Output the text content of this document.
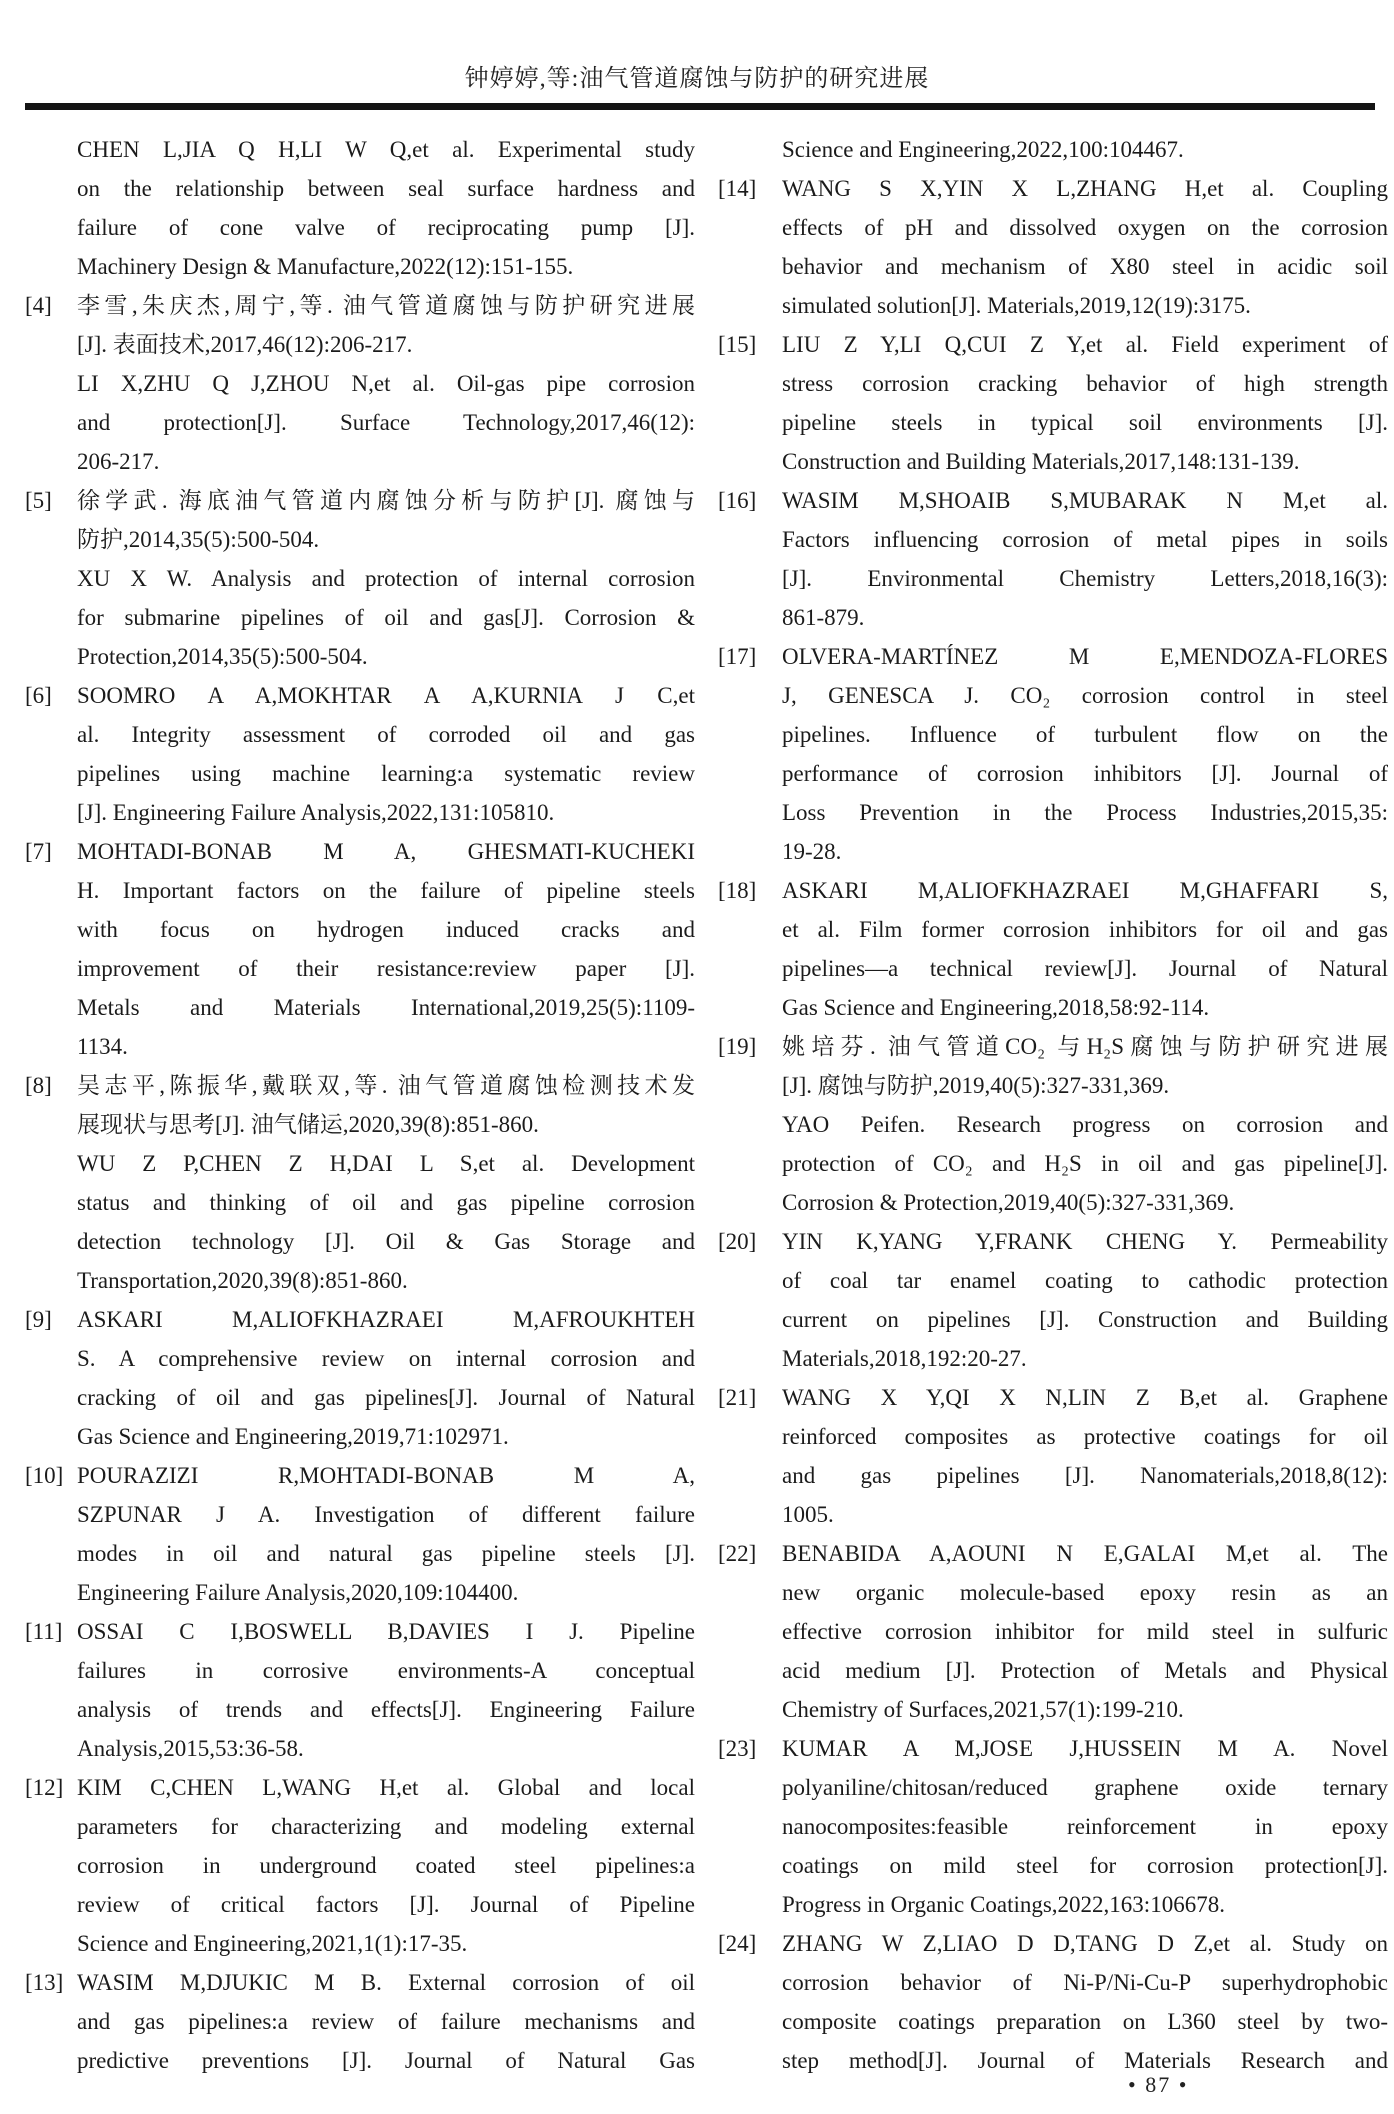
钟婷婷,等:油气管道腐蚀与防护的研究进展
CHEN L,JIA Q H,LI W Q,et al. Experimental study
on the relationship between seal surface hardness and
failure of cone valve of reciprocating pump [J].
Machinery Design & Manufacture,2022(12):151-155.
[4] 李雪,朱庆杰,周宁,等. 油气管道腐蚀与防护研究进展
[J]. 表面技术,2017,46(12):206-217.
LI X,ZHU Q J,ZHOU N,et al. Oil-gas pipe corrosion
and protection[J]. Surface Technology,2017,46(12):
206-217.
[5] 徐学武. 海底油气管道内腐蚀分析与防护[J]. 腐蚀与
防护,2014,35(5):500-504.
XU X W. Analysis and protection of internal corrosion
for submarine pipelines of oil and gas[J]. Corrosion &
Protection,2014,35(5):500-504.
[6] SOOMRO A A,MOKHTAR A A,KURNIA J C,et
al. Integrity assessment of corroded oil and gas
pipelines using machine learning:a systematic review
[J]. Engineering Failure Analysis,2022,131:105810.
[7] MOHTADI-BONAB M A, GHESMATI-KUCHEKI
H. Important factors on the failure of pipeline steels
with focus on hydrogen induced cracks and
improvement of their resistance:review paper [J].
Metals and Materials International,2019,25(5):1109-
1134.
[8] 吴志平,陈振华,戴联双,等. 油气管道腐蚀检测技术发
展现状与思考[J]. 油气储运,2020,39(8):851-860.
WU Z P,CHEN Z H,DAI L S,et al. Development
status and thinking of oil and gas pipeline corrosion
detection technology [J]. Oil & Gas Storage and
Transportation,2020,39(8):851-860.
[9] ASKARI M,ALIOFKHAZRAEI M,AFROUKHTEH
S. A comprehensive review on internal corrosion and
cracking of oil and gas pipelines[J]. Journal of Natural
Gas Science and Engineering,2019,71:102971.
[10] POURAZIZI R,MOHTADI-BONAB M A,
SZPUNAR J A. Investigation of different failure
modes in oil and natural gas pipeline steels [J].
Engineering Failure Analysis,2020,109:104400.
[11] OSSAI C I,BOSWELL B,DAVIES I J. Pipeline
failures in corrosive environments-A conceptual
analysis of trends and effects[J]. Engineering Failure
Analysis,2015,53:36-58.
[12] KIM C,CHEN L,WANG H,et al. Global and local
parameters for characterizing and modeling external
corrosion in underground coated steel pipelines:a
review of critical factors [J]. Journal of Pipeline
Science and Engineering,2021,1(1):17-35.
[13] WASIM M,DJUKIC M B. External corrosion of oil
and gas pipelines:a review of failure mechanisms and
predictive preventions [J]. Journal of Natural Gas
Science and Engineering,2022,100:104467.
[14] WANG S X,YIN X L,ZHANG H,et al. Coupling
effects of pH and dissolved oxygen on the corrosion
behavior and mechanism of X80 steel in acidic soil
simulated solution[J]. Materials,2019,12(19):3175.
[15] LIU Z Y,LI Q,CUI Z Y,et al. Field experiment of
stress corrosion cracking behavior of high strength
pipeline steels in typical soil environments [J].
Construction and Building Materials,2017,148:131-139.
[16] WASIM M,SHOAIB S,MUBARAK N M,et al.
Factors influencing corrosion of metal pipes in soils
[J]. Environmental Chemistry Letters,2018,16(3):
861-879.
[17] OLVERA-MARTÍNEZ M E,MENDOZA-FLORES
J, GENESCA J. CO₂ corrosion control in steel
pipelines. Influence of turbulent flow on the
performance of corrosion inhibitors [J]. Journal of
Loss Prevention in the Process Industries,2015,35:
19-28.
[18] ASKARI M,ALIOFKHAZRAEI M,GHAFFARI S,
et al. Film former corrosion inhibitors for oil and gas
pipelines—a technical review[J]. Journal of Natural
Gas Science and Engineering,2018,58:92-114.
[19] 姚培芬. 油气管道CO₂ 与H₂S腐蚀与防护研究进展
[J]. 腐蚀与防护,2019,40(5):327-331,369.
YAO Peifen. Research progress on corrosion and
protection of CO₂ and H₂S in oil and gas pipeline[J].
Corrosion & Protection,2019,40(5):327-331,369.
[20] YIN K,YANG Y,FRANK CHENG Y. Permeability
of coal tar enamel coating to cathodic protection
current on pipelines [J]. Construction and Building
Materials,2018,192:20-27.
[21] WANG X Y,QI X N,LIN Z B,et al. Graphene
reinforced composites as protective coatings for oil
and gas pipelines [J]. Nanomaterials,2018,8(12):
1005.
[22] BENABIDA A,AOUNI N E,GALAI M,et al. The
new organic molecule-based epoxy resin as an
effective corrosion inhibitor for mild steel in sulfuric
acid medium [J]. Protection of Metals and Physical
Chemistry of Surfaces,2021,57(1):199-210.
[23] KUMAR A M,JOSE J,HUSSEIN M A. Novel
polyaniline/chitosan/reduced graphene oxide ternary
nanocomposites:feasible reinforcement in epoxy
coatings on mild steel for corrosion protection[J].
Progress in Organic Coatings,2022,163:106678.
[24] ZHANG W Z,LIAO D D,TANG D Z,et al. Study on
corrosion behavior of Ni-P/Ni-Cu-P superhydrophobic
composite coatings preparation on L360 steel by two-
step method[J]. Journal of Materials Research and
• 87 •
